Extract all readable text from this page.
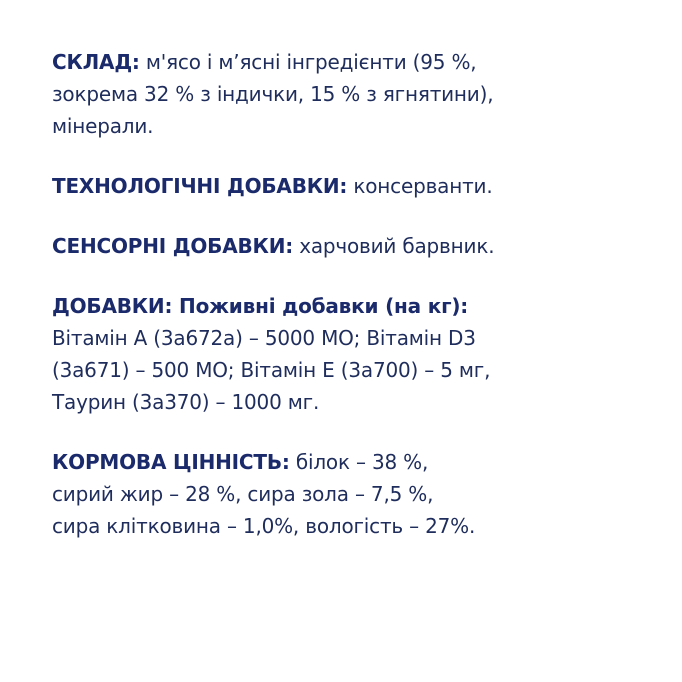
СКЛАД: м'ясо і м’ясні інгредієнти (95 %,
зокрема 32 % з індички, 15 % з ягнятини),
мінерали.
ТЕХНОЛОГІЧНІ ДОБАВКИ: консерванти.
СЕНСОРНІ ДОБАВКИ: харчовий барвник.
ДОБАВКИ: Поживні добавки (на кг):
Вітамін А (3a672a) – 5000 МО; Вітамін D3
(3a671) – 500 МО; Вітамін Е (3a700) – 5 мг,
Таурин (3a370) – 1000 мг.
КОРМОВА ЦІННІСТЬ: білок – 38 %,
сирий жир – 28 %, сира зола – 7,5 %,
сира клітковина – 1,0%, вологість – 27%.
